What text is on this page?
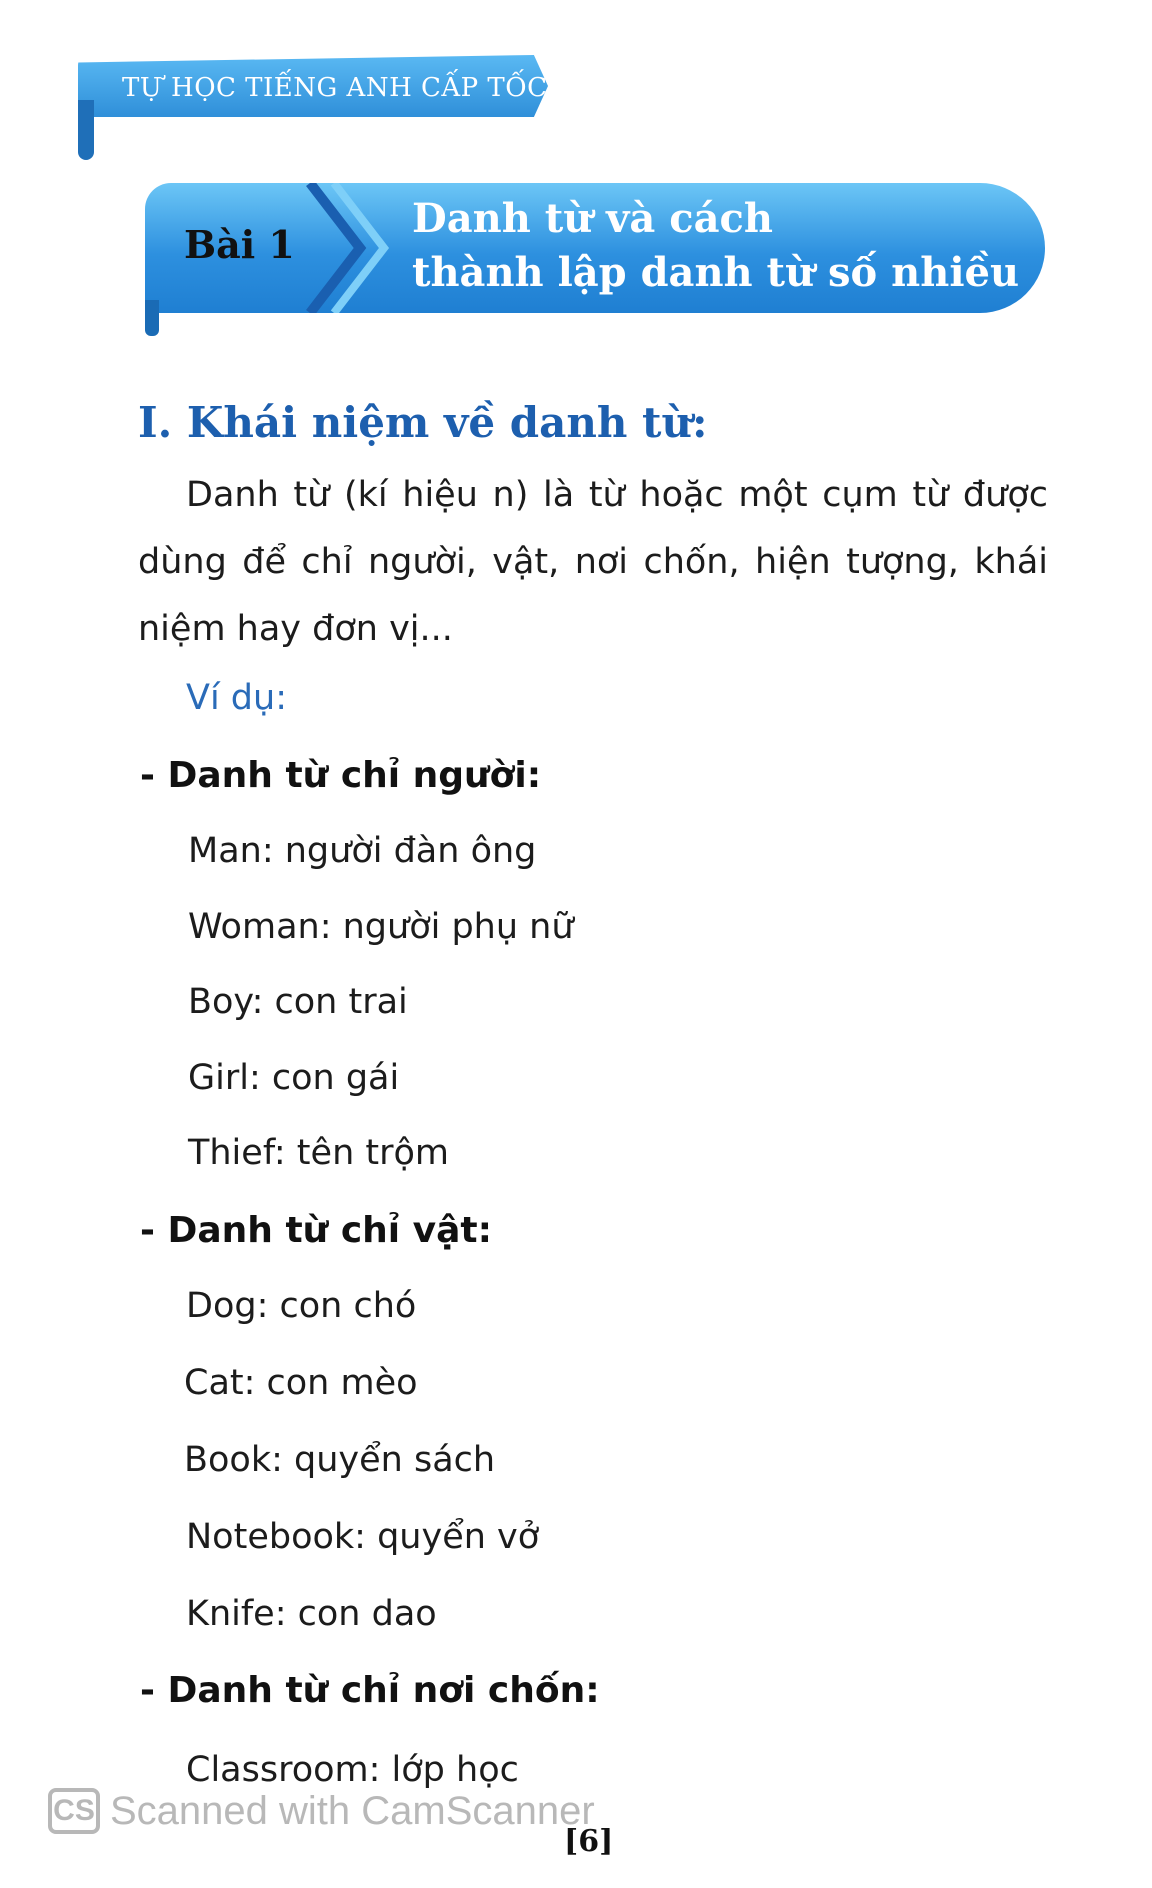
TỰ HỌC TIẾNG ANH CẤP TỐC
Bài 1
Danh từ và cách
thành lập danh từ số nhiều
I. Khái niệm về danh từ:

Danh từ (kí hiệu n) là từ hoặc một cụm từ được dùng để chỉ người, vật, nơi chốn, hiện tượng, khái niệm hay đơn vị...

Ví dụ:
- Danh từ chỉ người:
Man: người đàn ông
Woman: người phụ nữ
Boy: con trai
Girl: con gái
Thief: tên trộm
- Danh từ chỉ vật:
Dog: con chó
Cat: con mèo
Book: quyển sách
Notebook: quyển vở
Knife: con dao
- Danh từ chỉ nơi chốn:
Classroom: lớp học
CS Scanned with CamScanner
[6]
